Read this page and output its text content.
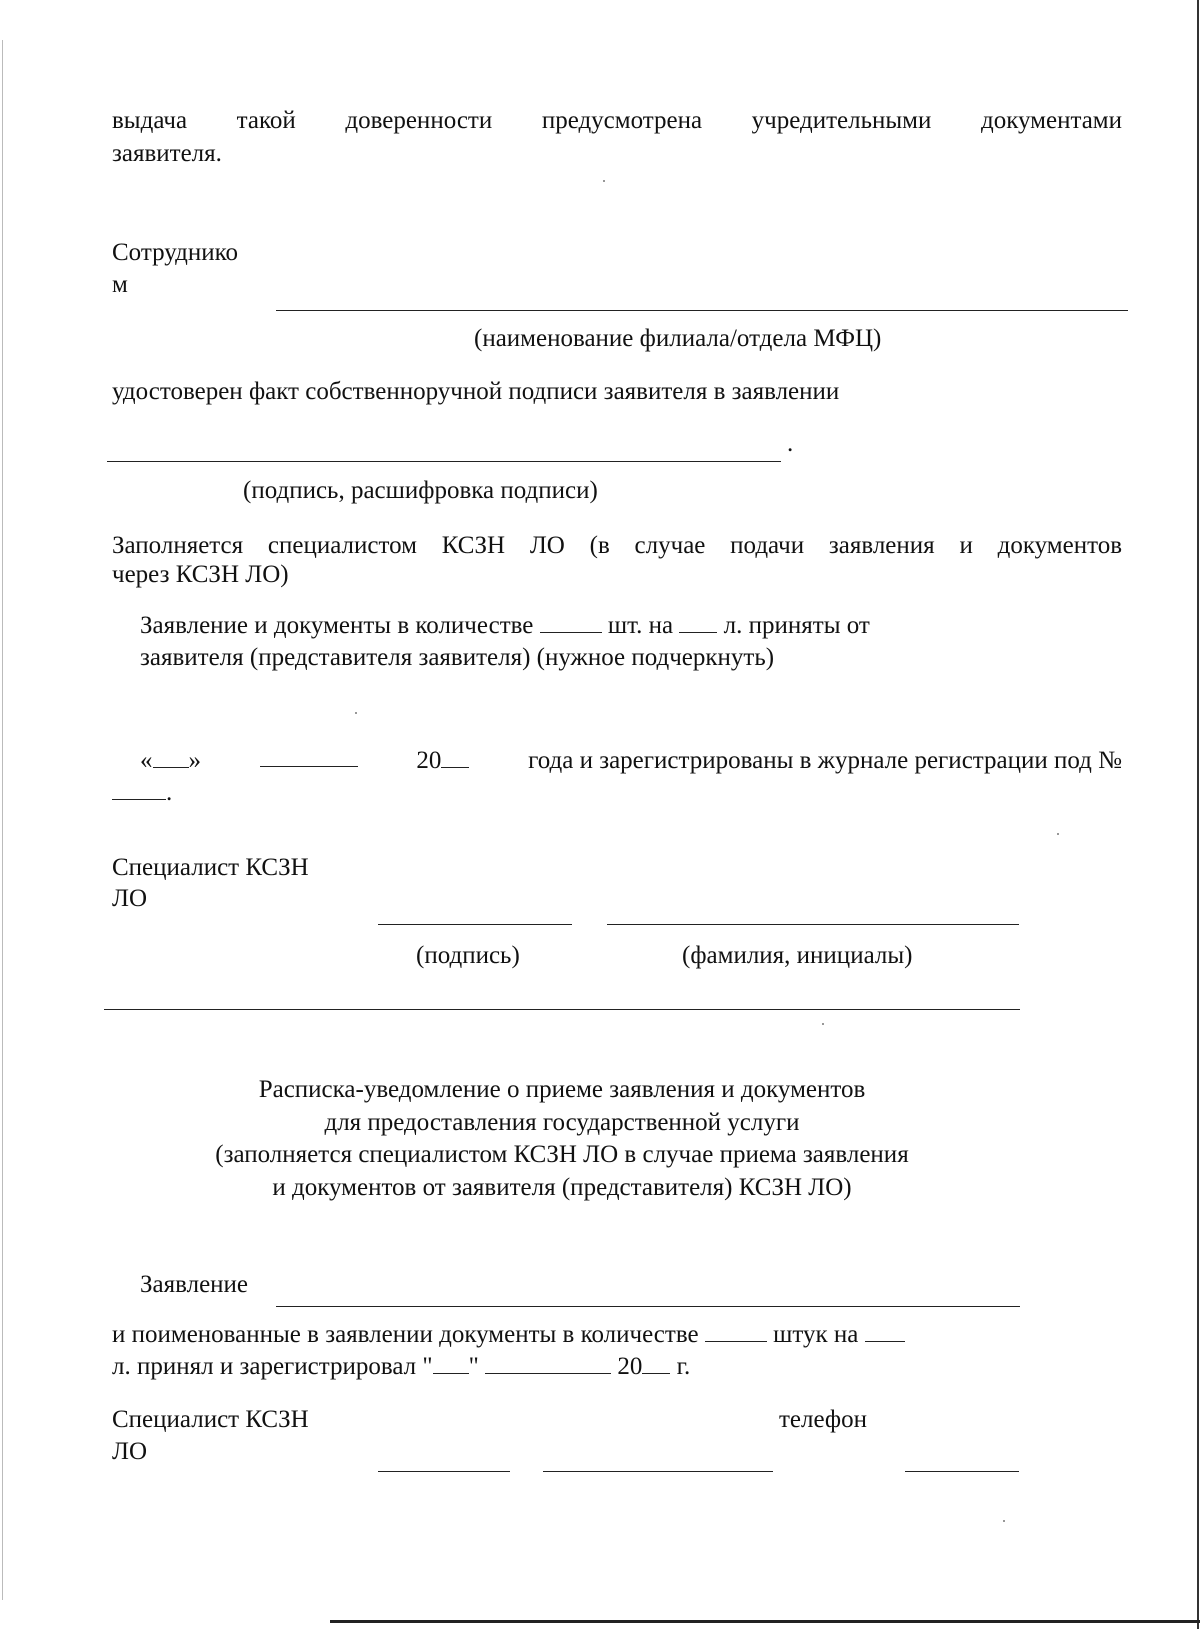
выдача такой доверенности предусмотрена учредительными документами
заявителя.
Сотруднико
м
(наименование филиала/отдела МФЦ)
удостоверен факт собственноручной подписи заявителя в заявлении
.
(подпись, расшифровка подписи)
Заполняется специалистом КСЗН ЛО (в случае подачи заявления и документов
через КСЗН ЛО)
Заявление и документы в количестве	шт. на л. приняты от
заявителя (представителя заявителя) (нужное подчеркнуть)
« »	20	года и зарегистрированы в журнале регистрации под №
.
Специалист КСЗН
ЛО
(подпись)	(фамилия, инициалы)
Расписка-уведомление о приеме заявления и документов
для предоставления государственной услуги
(заполняется специалистом КСЗН ЛО в случае приема заявления
и документов от заявителя (представителя) КСЗН ЛО)
Заявление
и поименованные в заявлении документы в количестве	штук на
л. принял и зарегистрировал " "	20 г.
Специалист КСЗН
ЛО
телефон
